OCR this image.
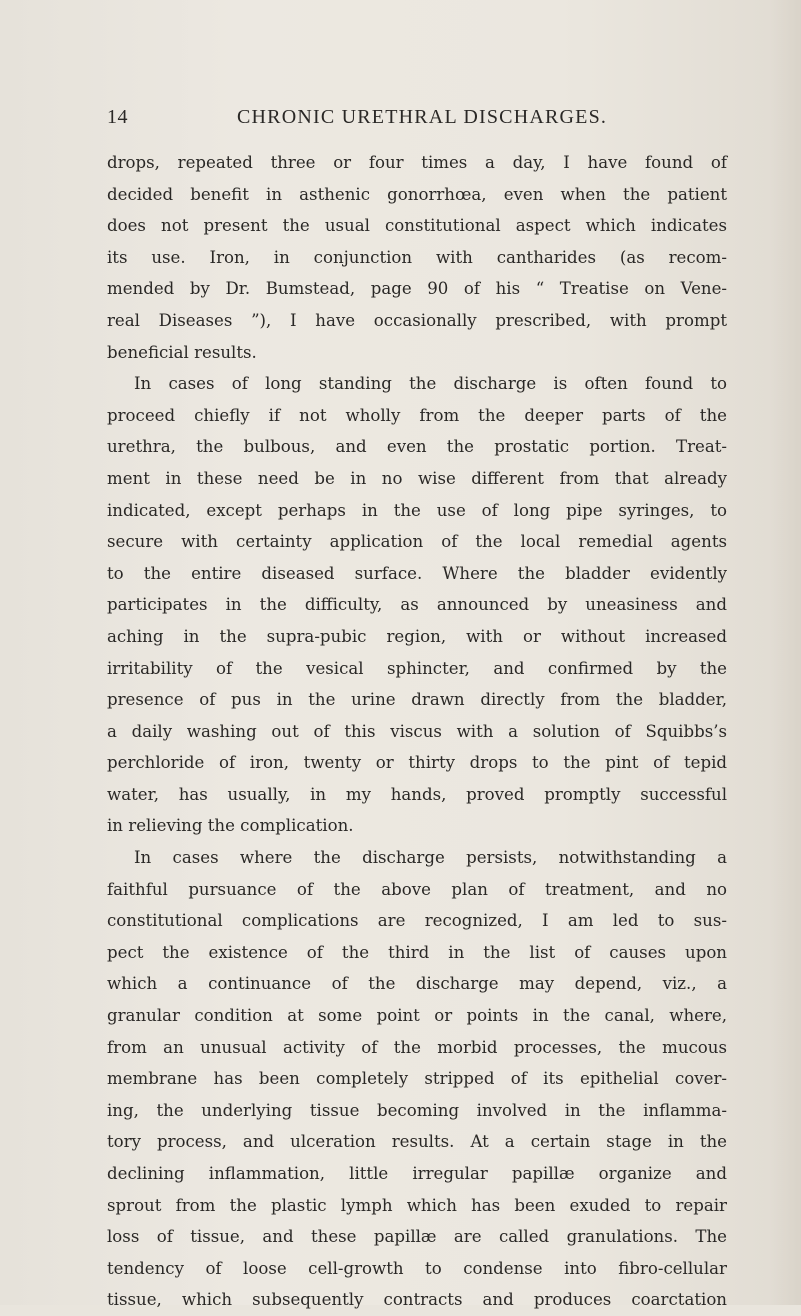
14	CHRONIC URETHRAL DISCHARGES.
drops, repeated three or four times a day, I have found of
decided benefit in asthenic gonorrhœa, even when the patient
does not present the usual constitutional aspect which indicates
its use. Iron, in conjunction with cantharides (as recom-
mended by Dr. Bumstead, page 90 of his “ Treatise on Vene-
real Diseases ”), I have occasionally prescribed, with prompt
beneficial results.
In cases of long standing the discharge is often found to
proceed chiefly if not wholly from the deeper parts of the
urethra, the bulbous, and even the prostatic portion. Treat-
ment in these need be in no wise different from that already
indicated, except perhaps in the use of long pipe syringes, to
secure with certainty application of the local remedial agents
to the entire diseased surface. Where the bladder evidently
participates in the difficulty, as announced by uneasiness and
aching in the supra-pubic region, with or without increased
irritability of the vesical sphincter, and confirmed by the
presence of pus in the urine drawn directly from the bladder,
a daily washing out of this viscus with a solution of Squibbs’s
perchloride of iron, twenty or thirty drops to the pint of tepid
water, has usually, in my hands, proved promptly successful
in relieving the complication.
In cases where the discharge persists, notwithstanding a
faithful pursuance of the above plan of treatment, and no
constitutional complications are recognized, I am led to sus-
pect the existence of the third in the list of causes upon
which a continuance of the discharge may depend, viz., a
granular condition at some point or points in the canal, where,
from an unusual activity of the morbid processes, the mucous
membrane has been completely stripped of its epithelial cover-
ing, the underlying tissue becoming involved in the inflamma-
tory process, and ulceration results. At a certain stage in the
declining inflammation, little irregular papillæ organize and
sprout from the plastic lymph which has been exuded to repair
loss of tissue, and these papillæ are called granulations. The
tendency of loose cell-growth to condense into fibro-cellular
tissue, which subsequently contracts and produces coarctation
